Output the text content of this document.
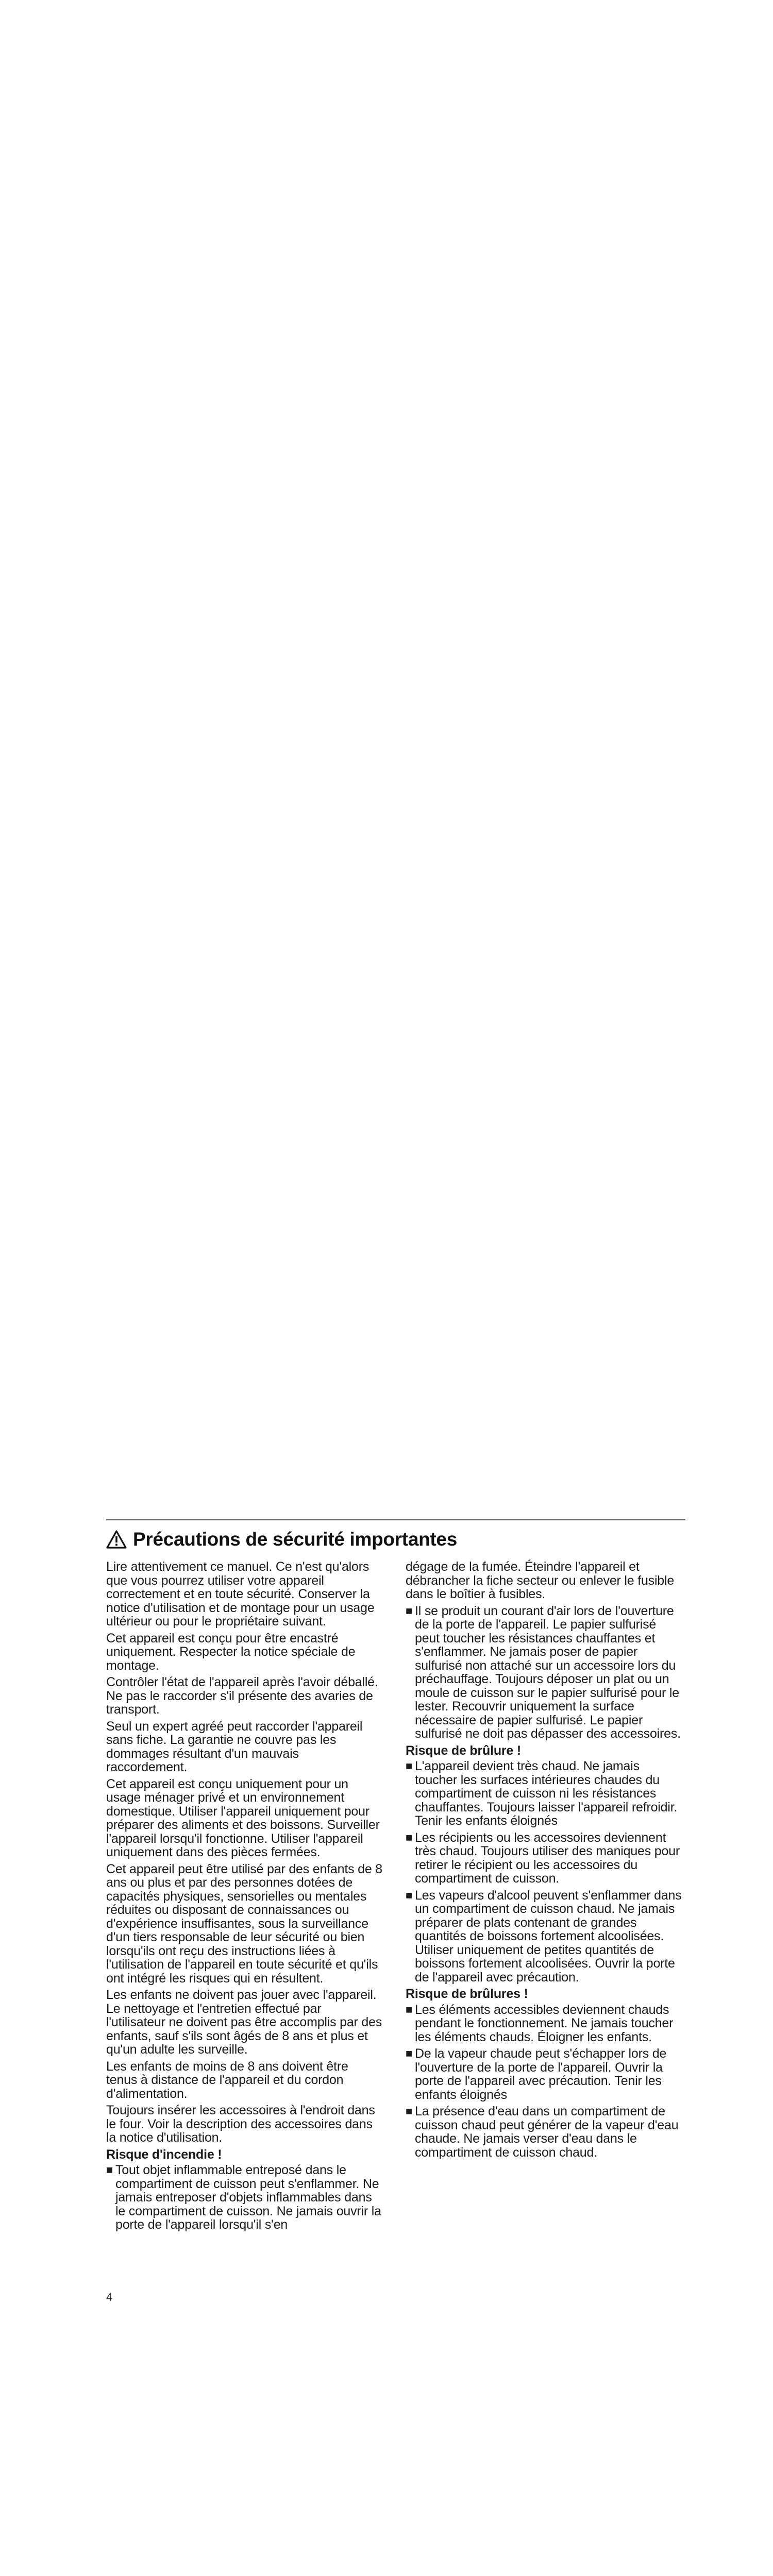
Précautions de sécurité importantes

Lire attentivement ce manuel. Ce n'est qu'alors que vous pourrez utiliser votre appareil correctement et en toute sécurité. Conserver la notice d'utilisation et de montage pour un usage ultérieur ou pour le propriétaire suivant.

Cet appareil est conçu pour être encastré uniquement. Respecter la notice spéciale de montage.

Contrôler l'état de l'appareil après l'avoir déballé. Ne pas le raccorder s'il présente des avaries de transport.

Seul un expert agréé peut raccorder l'appareil sans fiche. La garantie ne couvre pas les dommages résultant d'un mauvais raccordement.

Cet appareil est conçu uniquement pour un usage ménager privé et un environnement domestique. Utiliser l'appareil uniquement pour préparer des aliments et des boissons. Surveiller l'appareil lorsqu'il fonctionne. Utiliser l'appareil uniquement dans des pièces fermées.

Cet appareil peut être utilisé par des enfants de 8 ans ou plus et par des personnes dotées de capacités physiques, sensorielles ou mentales réduites ou disposant de connaissances ou d'expérience insuffisantes, sous la surveillance d'un tiers responsable de leur sécurité ou bien lorsqu'ils ont reçu des instructions liées à l'utilisation de l'appareil en toute sécurité et qu'ils ont intégré les risques qui en résultent.

Les enfants ne doivent pas jouer avec l'appareil. Le nettoyage et l'entretien effectué par l'utilisateur ne doivent pas être accomplis par des enfants, sauf s'ils sont âgés de 8 ans et plus et qu'un adulte les surveille.

Les enfants de moins de 8 ans doivent être tenus à distance de l'appareil et du cordon d'alimentation.

Toujours insérer les accessoires à l'endroit dans le four. Voir la description des accessoires dans la notice d'utilisation.

Risque d'incendie !
■ Tout objet inflammable entreposé dans le compartiment de cuisson peut s'enflammer. Ne jamais entreposer d'objets inflammables dans le compartiment de cuisson. Ne jamais ouvrir la porte de l'appareil lorsqu'il s'en

dégage de la fumée. Éteindre l'appareil et débrancher la fiche secteur ou enlever le fusible dans le boîtier à fusibles.

■ Il se produit un courant d'air lors de l'ouverture de la porte de l'appareil. Le papier sulfurisé peut toucher les résistances chauffantes et s'enflammer. Ne jamais poser de papier sulfurisé non attaché sur un accessoire lors du préchauffage. Toujours déposer un plat ou un moule de cuisson sur le papier sulfurisé pour le lester. Recouvrir uniquement la surface nécessaire de papier sulfurisé. Le papier sulfurisé ne doit pas dépasser des accessoires.
Risque de brûlure !
■ L'appareil devient très chaud. Ne jamais toucher les surfaces intérieures chaudes du compartiment de cuisson ni les résistances chauffantes. Toujours laisser l'appareil refroidir. Tenir les enfants éloignés
■ Les récipients ou les accessoires deviennent très chaud. Toujours utiliser des maniques pour retirer le récipient ou les accessoires du compartiment de cuisson.
■ Les vapeurs d'alcool peuvent s'enflammer dans un compartiment de cuisson chaud. Ne jamais préparer de plats contenant de grandes quantités de boissons fortement alcoolisées. Utiliser uniquement de petites quantités de boissons fortement alcoolisées. Ouvrir la porte de l'appareil avec précaution.
Risque de brûlures !
■ Les éléments accessibles deviennent chauds pendant le fonctionnement. Ne jamais toucher les éléments chauds. Éloigner les enfants.
■ De la vapeur chaude peut s'échapper lors de l'ouverture de la porte de l'appareil. Ouvrir la porte de l'appareil avec précaution. Tenir les enfants éloignés
■ La présence d'eau dans un compartiment de cuisson chaud peut générer de la vapeur d'eau chaude. Ne jamais verser d'eau dans le compartiment de cuisson chaud.
4
